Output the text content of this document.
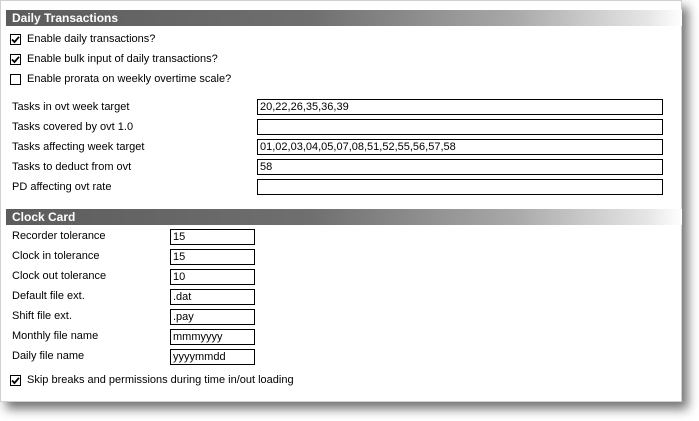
Daily Transactions
Enable daily transactions?
Enable bulk input of daily transactions?
Enable prorata on weekly overtime scale?
Tasks in ovt week target	20,22,26,35,36,39
Tasks covered by ovt 1.0
Tasks affecting week target	01,02,03,04,05,07,08,51,52,55,56,57,58
Tasks to deduct from ovt	58
PD affecting ovt rate
Clock Card
Recorder tolerance	15
Clock in tolerance	15
Clock out tolerance	10
Default file ext.	.dat
Shift file ext.	.pay
Monthly file name	mmmyyyy
Daily file name	yyyymmdd
Skip breaks and permissions during time in/out loading
